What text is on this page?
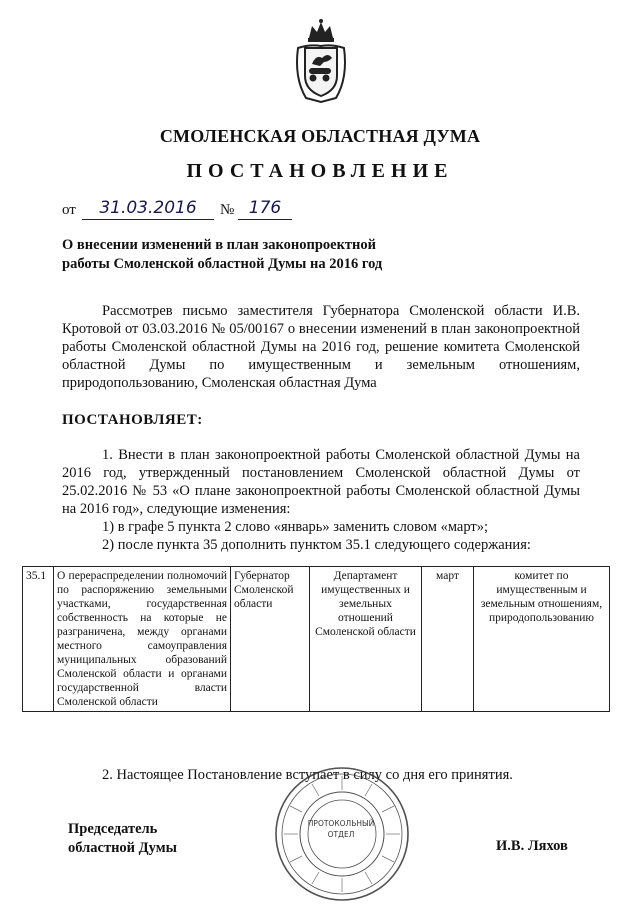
СМОЛЕНСКАЯ ОБЛАСТНАЯ ДУМА
ПОСТАНОВЛЕНИЕ
от	31.03.2016	№ 176
О внесении изменений в план законопроектной
работы Смоленской областной Думы на 2016 год
Рассмотрев письмо заместителя Губернатора Смоленской области И.В. Кротовой от 03.03.2016 № 05/00167 о внесении изменений в план законопроектной работы Смоленской областной Думы на 2016 год, решение комитета Смоленской областной Думы по имущественным и земельным отношениям, природопользованию, Смоленская областная Дума
ПОСТАНОВЛЯЕТ:
1. Внести в план законопроектной работы Смоленской областной Думы на 2016 год, утвержденный постановлением Смоленской областной Думы от 25.02.2016 № 53 «О плане законопроектной работы Смоленской областной Думы на 2016 год», следующие изменения:
1) в графе 5 пункта 2 слово «январь» заменить словом «март»;
2) после пункта 35 дополнить пунктом 35.1 следующего содержания:
35.1	О перераспределении полномочий по распоряжению земельными участками, государственная собственность на которые не разграничена, между органами местного самоуправления муниципальных образований Смоленской области и органами государственной власти Смоленской области	Губернатор Смоленской области	Департамент имущественных и земельных отношений Смоленской области	март	комитет по имущественным и земельным отношениям, природопользованию
2. Настоящее Постановление вступает в силу со дня его принятия.
ПРОТОКОЛЬНЫЙ
ОТДЕЛ
Председатель
областной Думы	И.В. Ляхов
